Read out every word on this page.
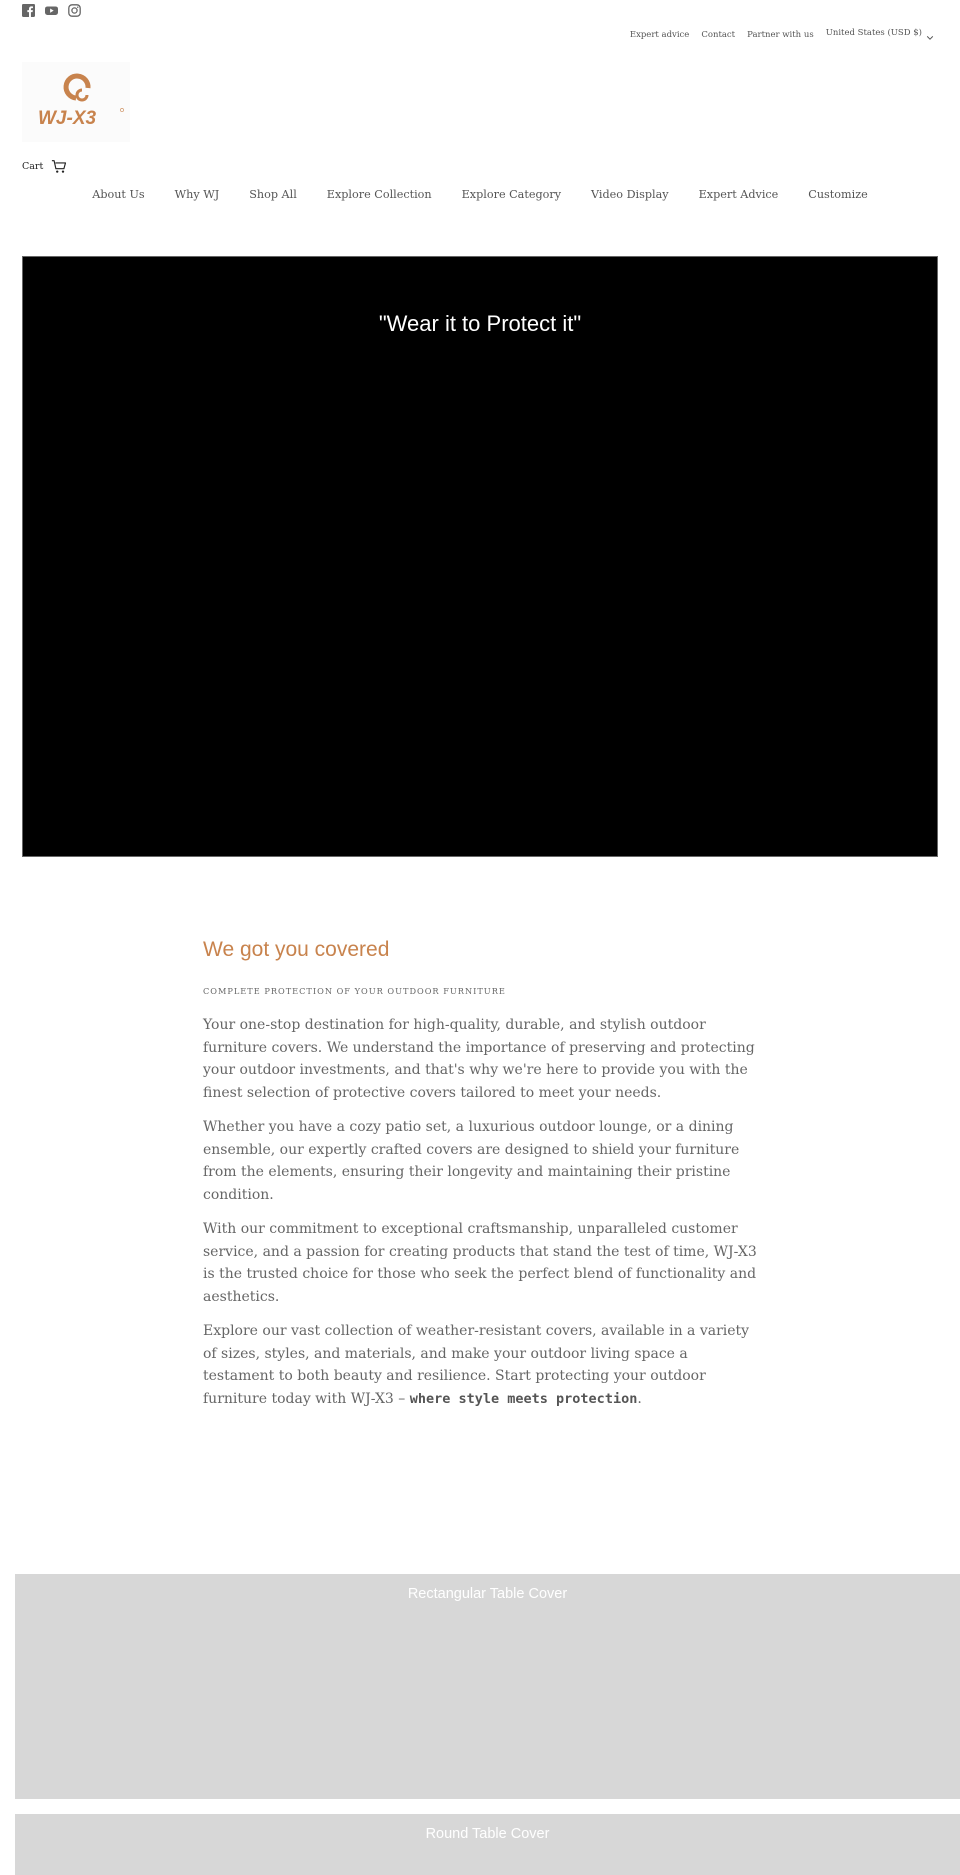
Expert advice Contact Partner with us United States (USD $)
WJ-X3
Cart
About Us	Why WJ	Shop All	Explore Collection	Explore Category	Video Display	Expert Advice	Customize
"Wear it to Protect it"
We got you covered
COMPLETE PROTECTION OF YOUR OUTDOOR FURNITURE

Your one-stop destination for high-quality, durable, and stylish outdoor furniture covers. We understand the importance of preserving and protecting your outdoor investments, and that's why we're here to provide you with the finest selection of protective covers tailored to meet your needs.

Whether you have a cozy patio set, a luxurious outdoor lounge, or a dining ensemble, our expertly crafted covers are designed to shield your furniture from the elements, ensuring their longevity and maintaining their pristine condition.

With our commitment to exceptional craftsmanship, unparalleled customer service, and a passion for creating products that stand the test of time, WJ-X3 is the trusted choice for those who seek the perfect blend of functionality and aesthetics.

Explore our vast collection of weather-resistant covers, available in a variety of sizes, styles, and materials, and make your outdoor living space a testament to both beauty and resilience. Start protecting your outdoor furniture today with WJ-X3 – where style meets protection.

Rectangular Table Cover
Round Table Cover
